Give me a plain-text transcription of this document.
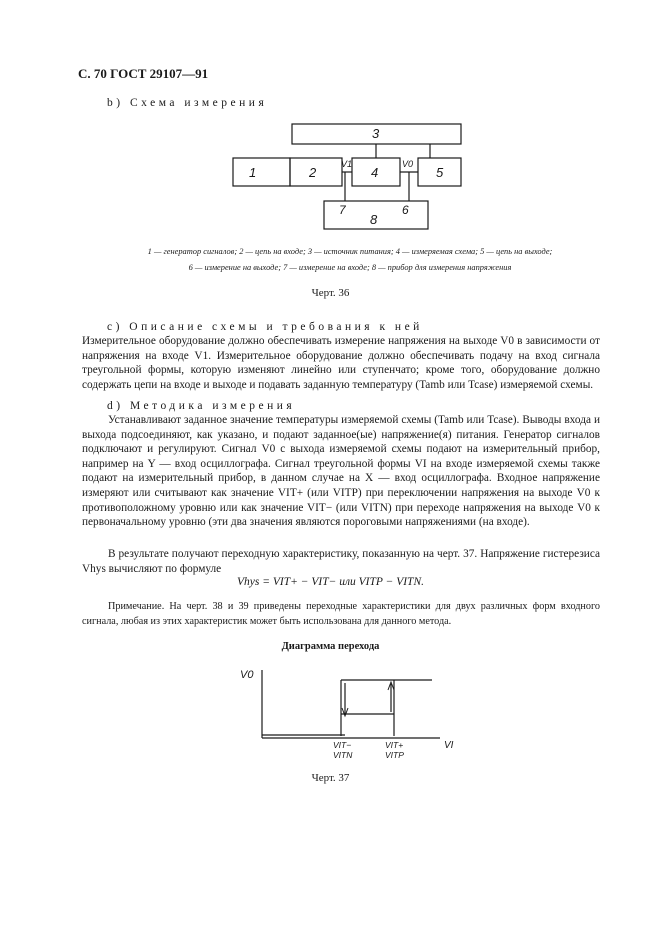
С. 70 ГОСТ 29107—91
b) Схема измерения
3
1	2	4	5
8
7	6
V1	V0
1 — генератор сигналов; 2 — цепь на входе; 3 — источник питания; 4 — измеряемая схема; 5 — цепь на выходе;
6 — измерение на выходе; 7 — измерение на входе; 8 — прибор для измерения напряжения
Черт. 36
c) Описание схемы и требования к ней
Измерительное оборудование должно обеспечивать измерение напряжения на выходе V0 в зависимости от напряжения на входе V1. Измерительное оборудование должно обеспечивать подачу на вход сигнала треугольной формы, которую изменяют линейно или ступенчато; кроме того, оборудование должно содержать цепи на входе и выходе и подавать заданную температуру (Tamb или Tcase) измеряемой схемы.
d) Методика измерения
Устанавливают заданное значение температуры измеряемой схемы (Tamb или Tcase). Выводы входа и выхода подсоединяют, как указано, и подают заданное(ые) напряжение(я) питания. Генератор сигналов подключают и регулируют. Сигнал V0 с выхода измеряемой схемы подают на измерительный прибор, например на Y — вход осциллографа. Сигнал треугольной формы VI на входе измеряемой схемы также подают на измерительный прибор, в данном случае на X — вход осциллографа. Входное напряжение измеряют или считывают как значение VIT+ (или VITP) при переключении напряжения на выходе V0 к противоположному уровню или как значение VIT− (или VITN) при переходе напряжения на выходе V0 к первоначальному уровню (эти два значения являются пороговыми напряжениями (на входе).
В результате получают переходную характеристику, показанную на черт. 37. Напряжение гистерезиса Vhys вычисляют по формуле
Vhys = VIT+ − VIT− или VITP − VITN.
Примечание. На черт. 38 и 39 приведены переходные характеристики для двух различных форм входного сигнала, любая из этих характеристик может быть использована для данного метода.
Диаграмма перехода
V0
VI
VIT−
VITN
VIT+
VITP
Черт. 37
